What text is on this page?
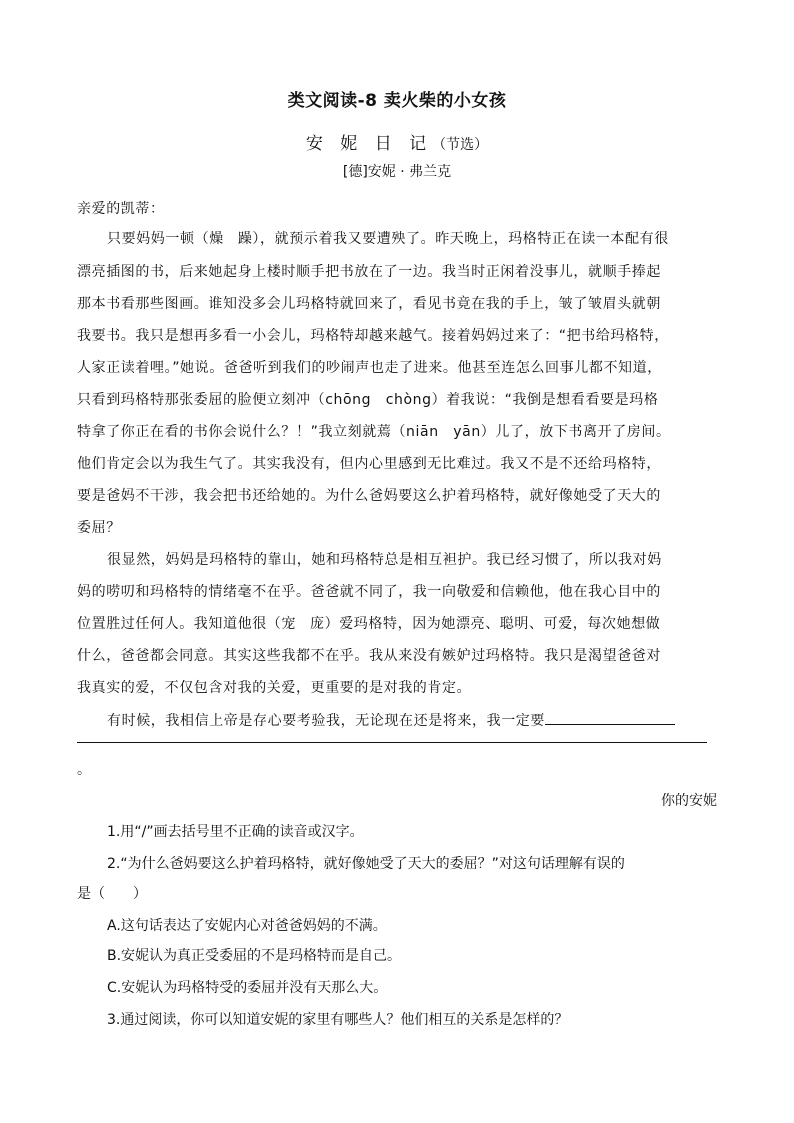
类文阅读-8 卖火柴的小女孩
安 妮 日 记（节选）
[德]安妮 · 弗兰克
亲爱的凯蒂：
只要妈妈一顿（燥 躁），就预示着我又要遭殃了。昨天晚上，玛格特正在读一本配有很
漂亮插图的书，后来她起身上楼时顺手把书放在了一边。我当时正闲着没事儿，就顺手捧起
那本书看那些图画。谁知没多会儿玛格特就回来了，看见书竟在我的手上，皱了皱眉头就朝
我要书。我只是想再多看一小会儿，玛格特却越来越气。接着妈妈过来了：“把书给玛格特，
人家正读着哩。”她说。爸爸听到我们的吵闹声也走了进来。他甚至连怎么回事儿都不知道，
只看到玛格特那张委屈的脸便立刻冲（chōng　chòng）着我说：“我倒是想看看要是玛格
特拿了你正在看的书你会说什么？！”我立刻就蔫（niān　yān）儿了，放下书离开了房间。
他们肯定会以为我生气了。其实我没有，但内心里感到无比难过。我又不是不还给玛格特，
要是爸妈不干涉，我会把书还给她的。为什么爸妈要这么护着玛格特，就好像她受了天大的
委屈？
很显然，妈妈是玛格特的靠山，她和玛格特总是相互袒护。我已经习惯了，所以我对妈
妈的唠叨和玛格特的情绪毫不在乎。爸爸就不同了，我一向敬爱和信赖他，他在我心目中的
位置胜过任何人。我知道他很（宠 庞）爱玛格特，因为她漂亮、聪明、可爱，每次她想做
什么，爸爸都会同意。其实这些我都不在乎。我从来没有嫉妒过玛格特。我只是渴望爸爸对
我真实的爱，不仅包含对我的关爱，更重要的是对我的肯定。
有时候，我相信上帝是存心要考验我，无论现在还是将来，我一定要
。
你的安妮
1.用“/”画去括号里不正确的读音或汉字。
2.“为什么爸妈要这么护着玛格特，就好像她受了天大的委屈？”对这句话理解有误的
是（　　）
A.这句话表达了安妮内心对爸爸妈妈的不满。
B.安妮认为真正受委屈的不是玛格特而是自己。
C.安妮认为玛格特受的委屈并没有天那么大。
3.通过阅读，你可以知道安妮的家里有哪些人？他们相互的关系是怎样的？
